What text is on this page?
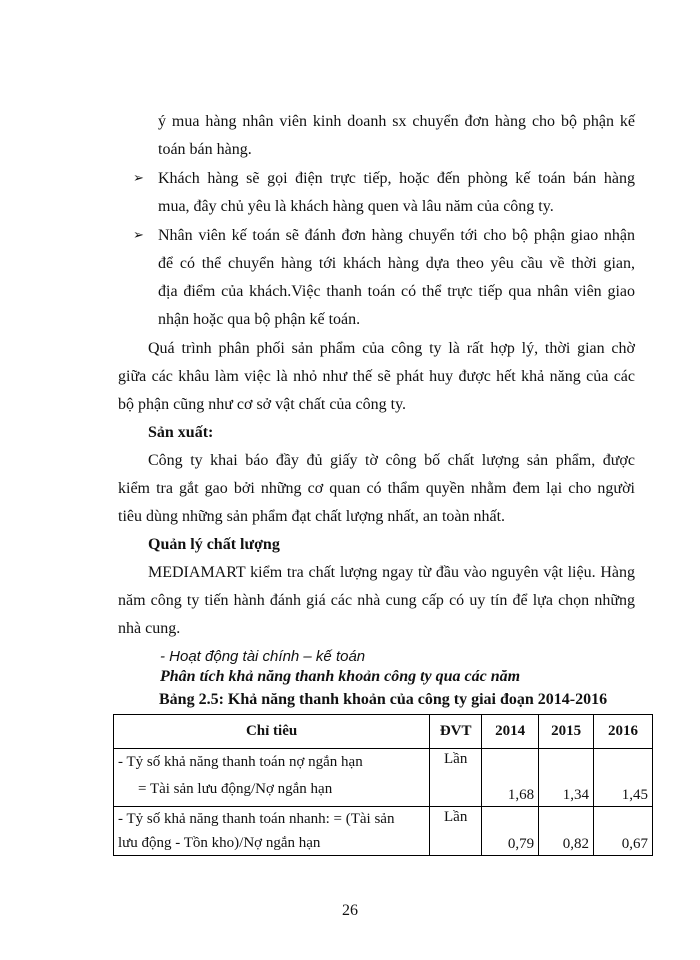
ý mua hàng nhân viên kinh doanh sx chuyển đơn hàng cho bộ phận kế
toán bán hàng.
➢ Khách hàng sẽ gọi điện trực tiếp, hoặc đến phòng kế toán bán hàng
mua, đây chủ yêu là khách hàng quen và lâu năm của công ty.
➢ Nhân viên kế toán sẽ đánh đơn hàng chuyển tới cho bộ phận giao nhận
để có thể chuyển hàng tới khách hàng dựa theo yêu cầu về thời gian,
địa điểm của khách.Việc thanh toán có thể trực tiếp qua nhân viên giao
nhận hoặc qua bộ phận kế toán.
Quá trình phân phối sản phẩm của công ty là rất hợp lý, thời gian chờ
giữa các khâu làm việc là nhỏ như thế sẽ phát huy được hết khả năng của các
bộ phận cũng như cơ sở vật chất của công ty.
Sản xuất:
Công ty khai báo đầy đủ giấy tờ công bố chất lượng sản phẩm, được
kiểm tra gắt gao bởi những cơ quan có thẩm quyền nhằm đem lại cho người
tiêu dùng những sản phẩm đạt chất lượng nhất, an toàn nhất.
Quản lý chất lượng
MEDIAMART kiểm tra chất lượng ngay từ đầu vào nguyên vật liệu. Hàng
năm công ty tiến hành đánh giá các nhà cung cấp có uy tín để lựa chọn những
nhà cung.
- Hoạt động tài chính – kế toán
Phân tích khả năng thanh khoản công ty qua các năm
Bảng 2.5: Khả năng thanh khoản của công ty giai đoạn 2014-2016
Chỉ tiêu	ĐVT	2014	2015	2016

- Tỷ số khả năng thanh toán nợ ngắn hạn
= Tài sản lưu động/Nợ ngắn hạn	Lần	1,68	1,34	1,45

- Tỷ số khả năng thanh toán nhanh: = (Tài sản
lưu động - Tồn kho)/Nợ ngắn hạn	Lần	0,79	0,82	0,67
26
